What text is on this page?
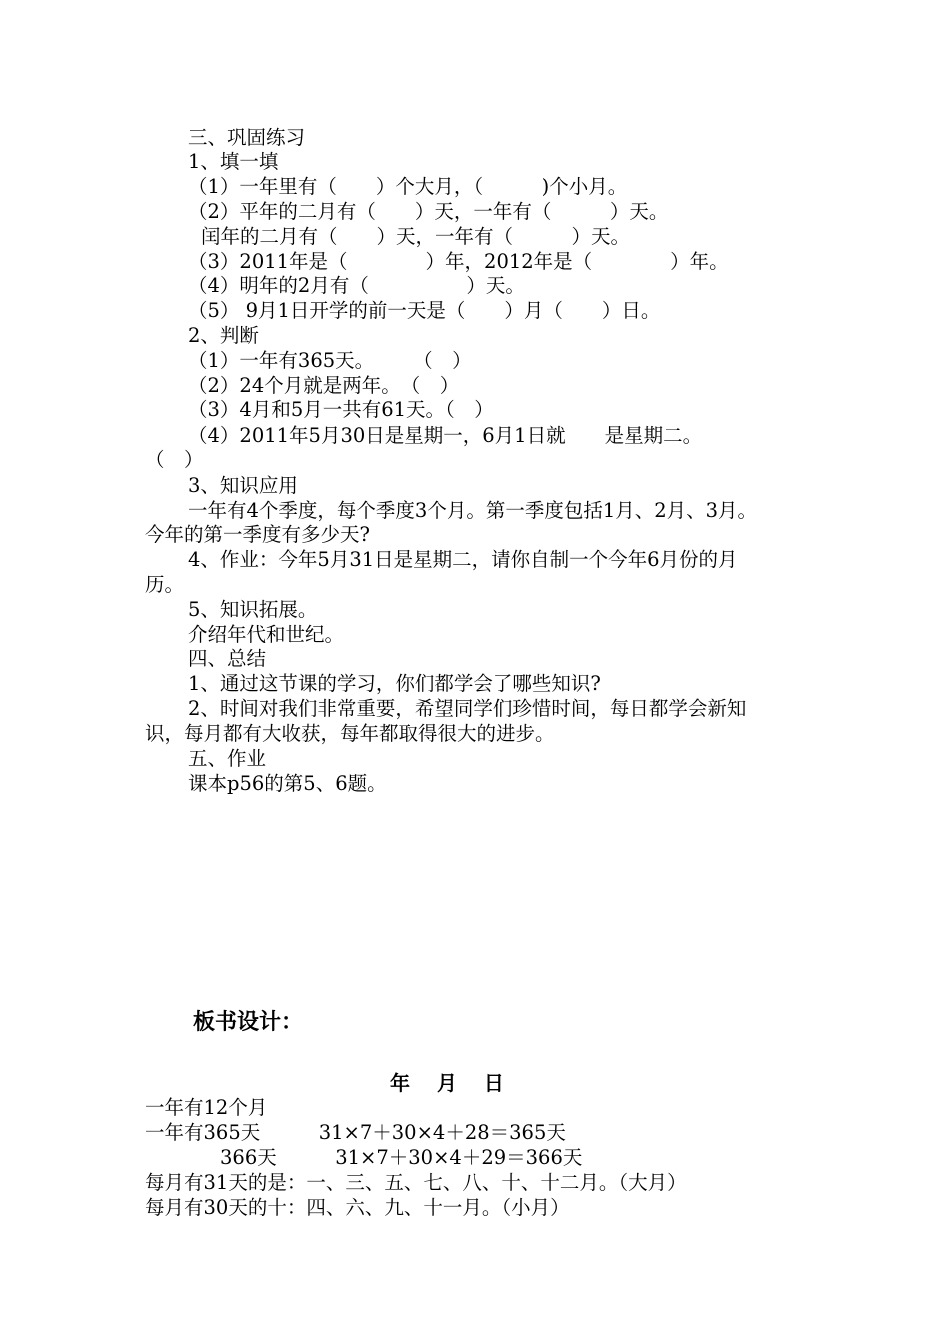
三、巩固练习
1、填一填
（1）一年里有（　　）个大月，（　　　)个小月。
（2）平年的二月有（　　）天，一年有（　　　）天。
闰年的二月有（　　）天，一年有（　　　）天。
（3）2011年是（　　　　）年，2012年是（　　　　）年。
（4）明年的2月有（　　　　　）天。
（5） 9月1日开学的前一天是（　　）月（　　）日。
2、判断
（1）一年有365天。　　　（　）
（2）24个月就是两年。　（　）
（3）4月和5月一共有61天。（　）
（4）2011年5月30日是星期一，6月1日就　　是星期二。
（　）
3、知识应用
一年有4个季度，每个季度3个月。第一季度包括1月、2月、3月。
今年的第一季度有多少天?
4、作业：今年5月31日是星期二，请你自制一个今年6月份的月
历。
5、知识拓展。
介绍年代和世纪。
四、总结
1、通过这节课的学习，你们都学会了哪些知识?
2、时间对我们非常重要，希望同学们珍惜时间，每日都学会新知
识，每月都有大收获，每年都取得很大的进步。
五、作业
课本p56的第5、6题。
板书设计：
年　 月　 日
一年有12个月
一年有365天　　　31×7＋30×4＋28＝365天
366天　　　31×7＋30×4＋29＝366天
每月有31天的是：一、三、五、七、八、十、十二月。（大月）
每月有30天的十：四、六、九、十一月。（小月）
